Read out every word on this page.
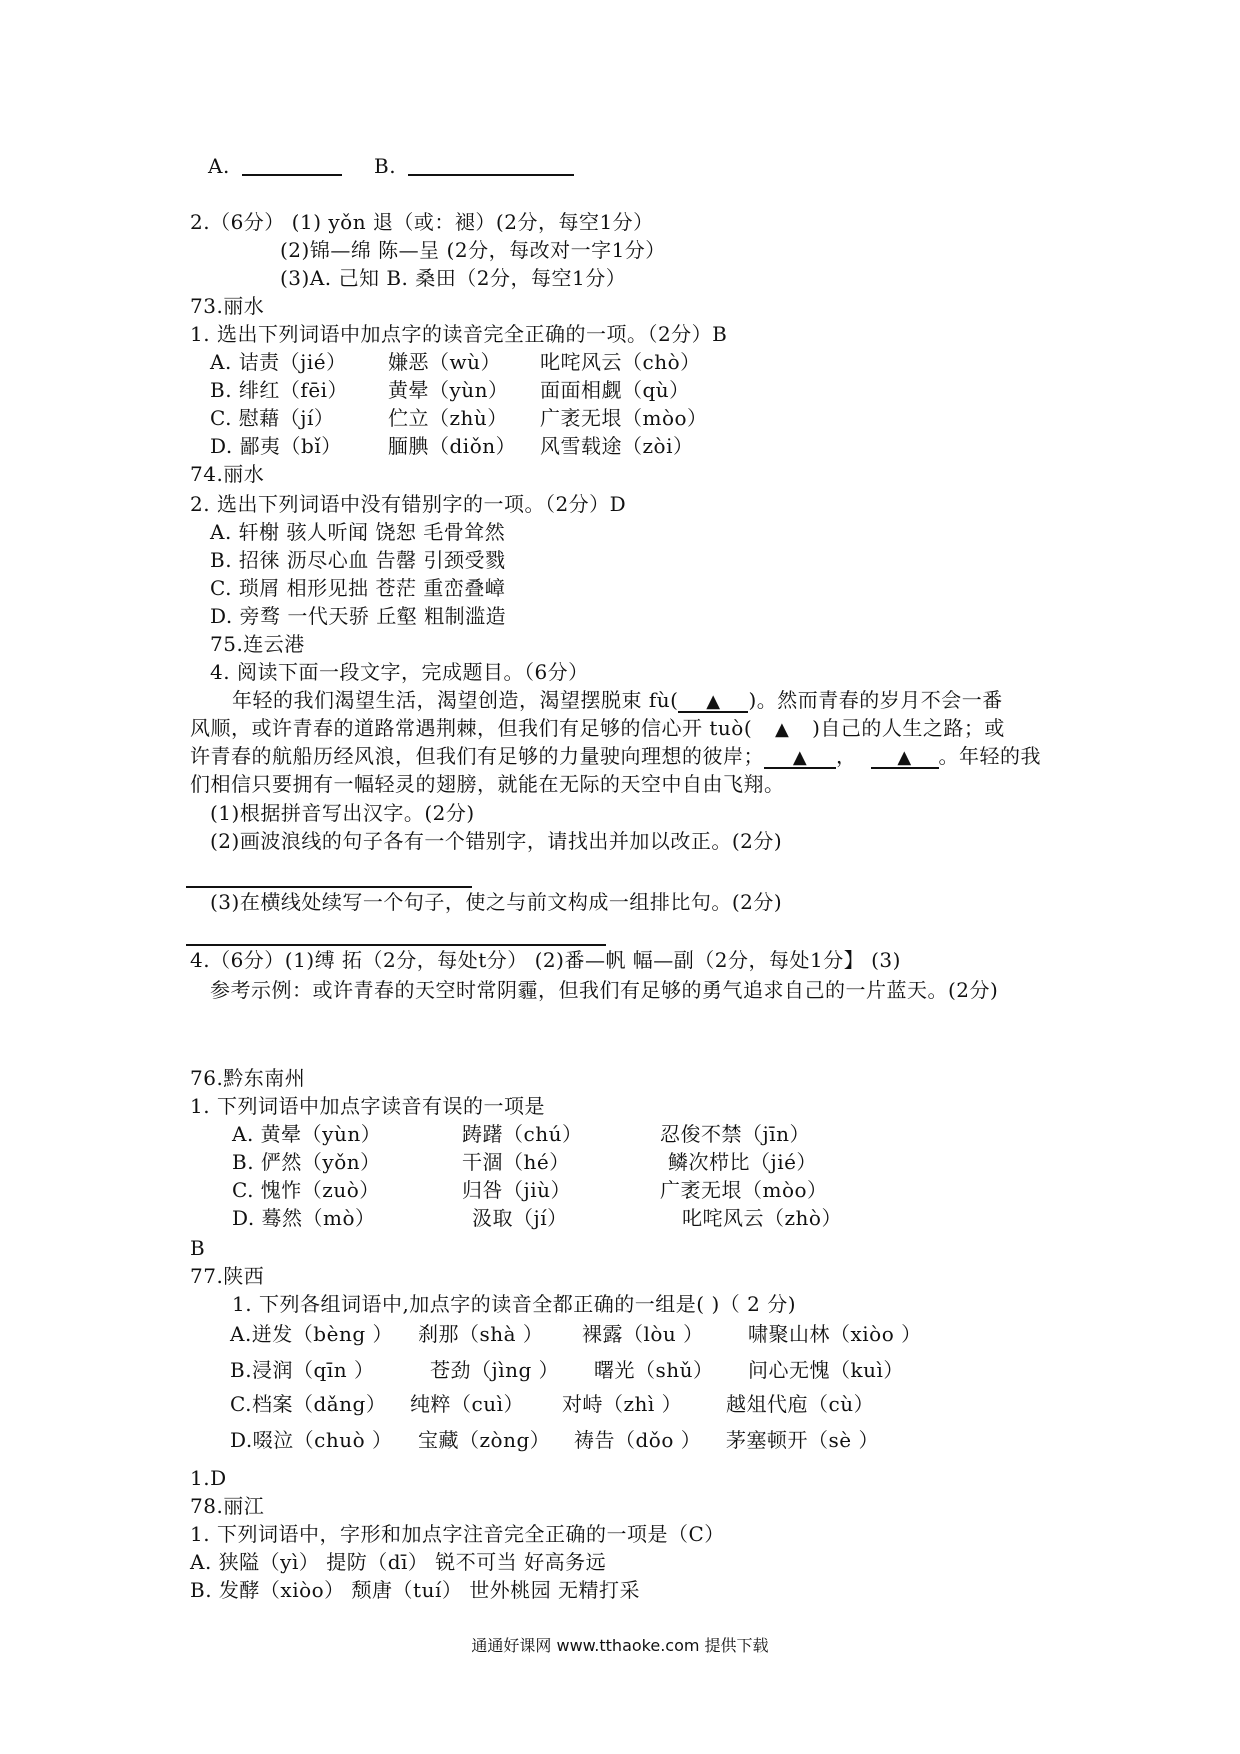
A.	B.
2.（6分） (1) yǒn 退（或：褪）(2分，每空1分）
(2)锦—绵 陈—呈 (2分，每改对一字1分）
(3)A. 己知 B. 桑田（2分，每空1分）
73.丽水
1. 选出下列词语中加点字的读音完全正确的一项。（2分）B
A. 诘责（jié） 嫌恶（wù） 叱咤风云（chò）
B. 绯红（fēi） 黄晕（yùn） 面面相觑（qù）
C. 慰藉（jí）	伫立（zhù） 广袤无垠（mòo）
D. 鄙夷（bǐ） 腼腆（diǒn） 风雪载途（zòi）
74.丽水
2. 选出下列词语中没有错别字的一项。（2分）D
A. 轩榭 骇人听闻 饶恕 毛骨耸然
B. 招徕 沥尽心血 告罄 引颈受戮
C. 琐屑 相形见拙 苍茫 重峦叠嶂
D. 旁骛 一代天骄 丘壑 粗制滥造
75.连云港
4. 阅读下面一段文字，完成题目。（6分）
年轻的我们渴望生活，渴望创造，渴望摆脱束 fù( ▲ )。然而青春的岁月不会一番
风顺，或许青春的道路常遇荆棘，但我们有足够的信心开 tuò( ▲ )自己的人生之路；或
许青春的航船历经风浪，但我们有足够的力量驶向理想的彼岸； ▲ ， ▲ 。年轻的我
们相信只要拥有一幅轻灵的翅膀，就能在无际的天空中自由飞翔。
(1)根据拼音写出汉字。(2分)
(2)画波浪线的句子各有一个错别字，请找出并加以改正。(2分)
(3)在横线处续写一个句子，使之与前文构成一组排比句。(2分)
4.（6分）(1)缚 拓（2分，每处t分） (2)番—帆 幅—副（2分，每处1分】 (3)
参考示例：或许青春的天空时常阴霾，但我们有足够的勇气追求自己的一片蓝天。(2分)
76.黔东南州
1. 下列词语中加点字读音有误的一项是
A. 黄晕（yùn）	踌躇（chú）	忍俊不禁（jīn）
B. 俨然（yǒn）	干涸（hé）	鳞次栉比（jié）
C. 愧怍（zuò）	归咎（jiù）	广袤无垠（mòo）
D. 蓦然（mò）	汲取（jí）	叱咤风云（zhò）
B
77.陕西
1. 下列各组词语中,加点字的读音全都正确的一组是( )（ 2 分)
A.迸发（bèng ） 刹那（shà ） 裸露（lòu ） 啸聚山林（xiòo ）
B.浸润（qīn ）	苍劲（jìng ） 曙光（shǔ） 问心无愧（kuì）
C.档案（dǎng） 纯粹（cuì） 对峙（zhì ） 越俎代庖（cù）
D.啜泣（chuò ） 宝藏（zòng） 祷告（dǒo ） 茅塞顿开（sè ）
1.D
78.丽江
1. 下列词语中，字形和加点字注音完全正确的一项是（C）
A. 狭隘（yì） 提防（dī） 锐不可当 好高务远
B. 发酵（xiòo） 颓唐（tuí） 世外桃园 无精打采
通通好课网 www.tthaoke.com 提供下载
